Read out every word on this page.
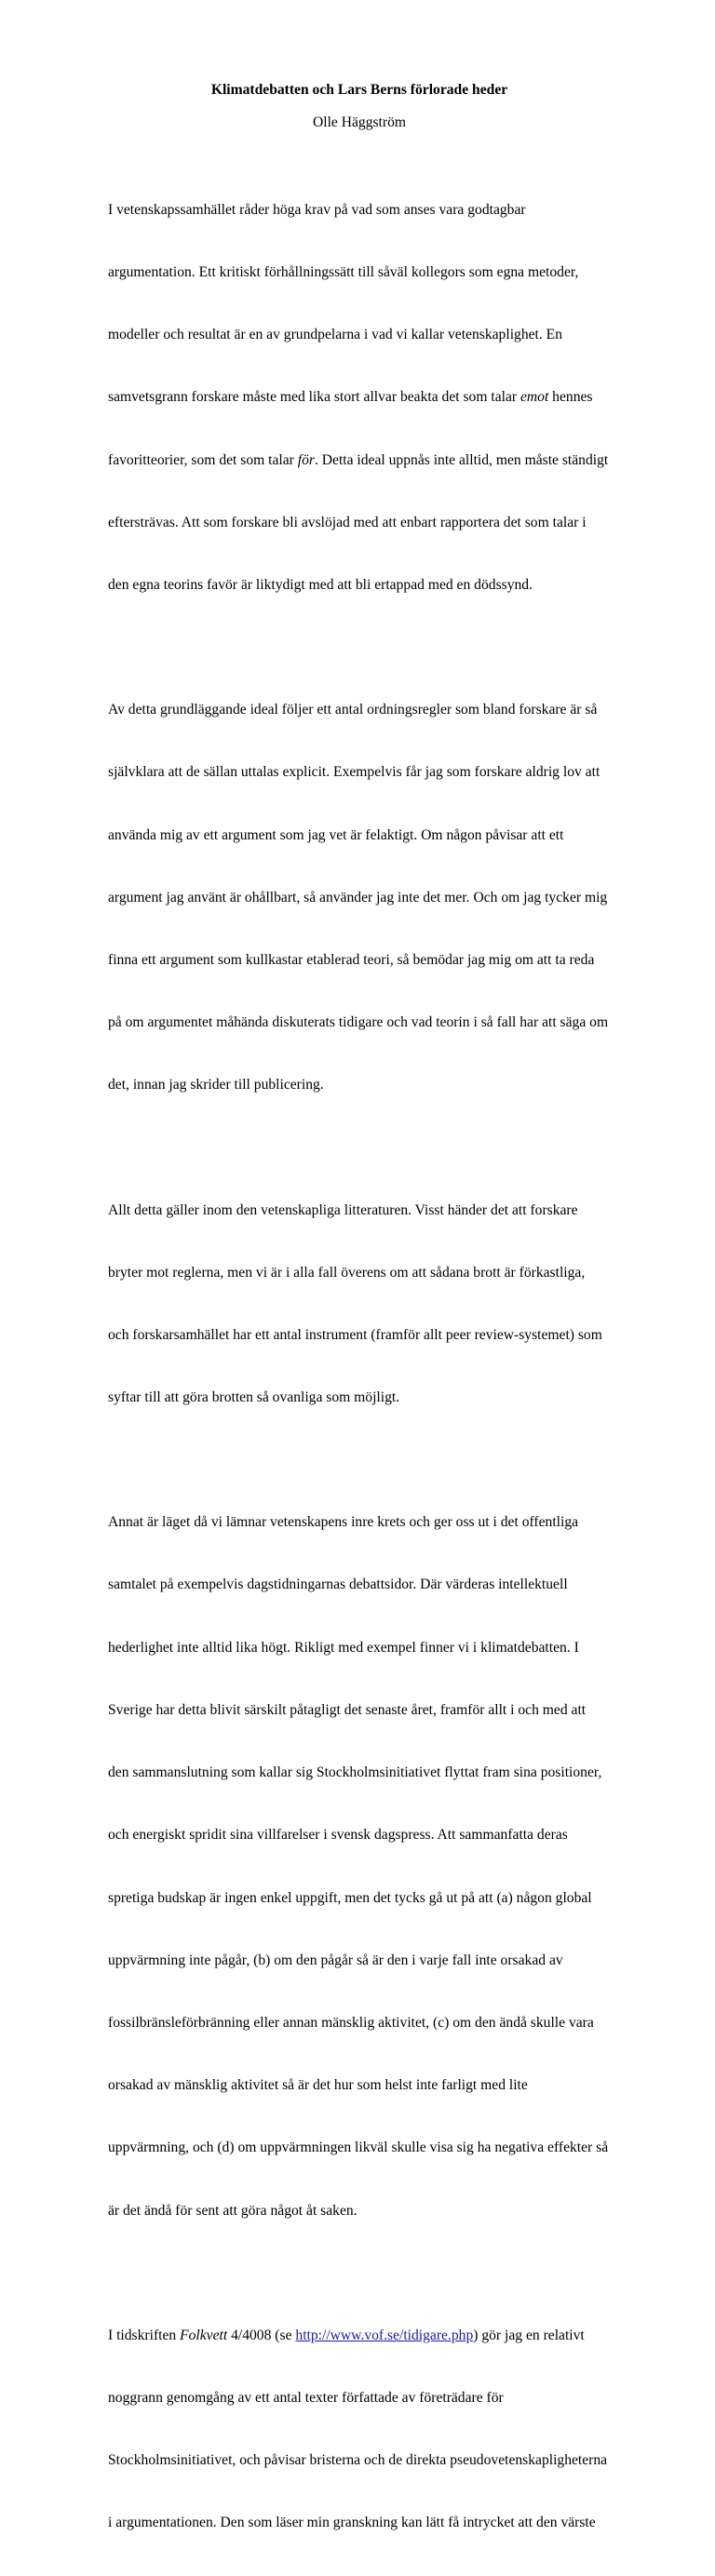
Klimatdebatten och Lars Berns förlorade heder

Olle Häggström

I vetenskapssamhället råder höga krav på vad som anses vara godtagbar

argumentation. Ett kritiskt förhållningssätt till såväl kollegors som egna metoder,

modeller och resultat är en av grundpelarna i vad vi kallar vetenskaplighet. En

samvetsgrann forskare måste med lika stort allvar beakta det som talar emot hennes

favoritteorier, som det som talar för. Detta ideal uppnås inte alltid, men måste ständigt

eftersträvas. Att som forskare bli avslöjad med att enbart rapportera det som talar i

den egna teorins favör är liktydigt med att bli ertappad med en dödssynd.

Av detta grundläggande ideal följer ett antal ordningsregler som bland forskare är så

självklara att de sällan uttalas explicit. Exempelvis får jag som forskare aldrig lov att

använda mig av ett argument som jag vet är felaktigt. Om någon påvisar att ett

argument jag använt är ohållbart, så använder jag inte det mer. Och om jag tycker mig

finna ett argument som kullkastar etablerad teori, så bemödar jag mig om att ta reda

på om argumentet måhända diskuterats tidigare och vad teorin i så fall har att säga om

det, innan jag skrider till publicering.

Allt detta gäller inom den vetenskapliga litteraturen. Visst händer det att forskare

bryter mot reglerna, men vi är i alla fall överens om att sådana brott är förkastliga,

och forskarsamhället har ett antal instrument (framför allt peer review-systemet) som

syftar till att göra brotten så ovanliga som möjligt.

Annat är läget då vi lämnar vetenskapens inre krets och ger oss ut i det offentliga

samtalet på exempelvis dagstidningarnas debattsidor. Där värderas intellektuell

hederlighet inte alltid lika högt. Rikligt med exempel finner vi i klimatdebatten. I

Sverige har detta blivit särskilt påtagligt det senaste året, framför allt i och med att

den sammanslutning som kallar sig Stockholmsinitiativet flyttat fram sina positioner,

och energiskt spridit sina villfarelser i svensk dagspress. Att sammanfatta deras

spretiga budskap är ingen enkel uppgift, men det tycks gå ut på att (a) någon global

uppvärmning inte pågår, (b) om den pågår så är den i varje fall inte orsakad av

fossilbränsleförbränning eller annan mänsklig aktivitet, (c) om den ändå skulle vara

orsakad av mänsklig aktivitet så är det hur som helst inte farligt med lite

uppvärmning, och (d) om uppvärmningen likväl skulle visa sig ha negativa effekter så

är det ändå för sent att göra något åt saken.

I tidskriften Folkvett 4/4008 (se http://www.vof.se/tidigare.php) gör jag en relativt

noggrann genomgång av ett antal texter författade av företrädare för

Stockholmsinitiativet, och påvisar bristerna och de direkta pseudovetenskapligheterna

i argumentationen. Den som läser min granskning kan lätt få intrycket att den värste
